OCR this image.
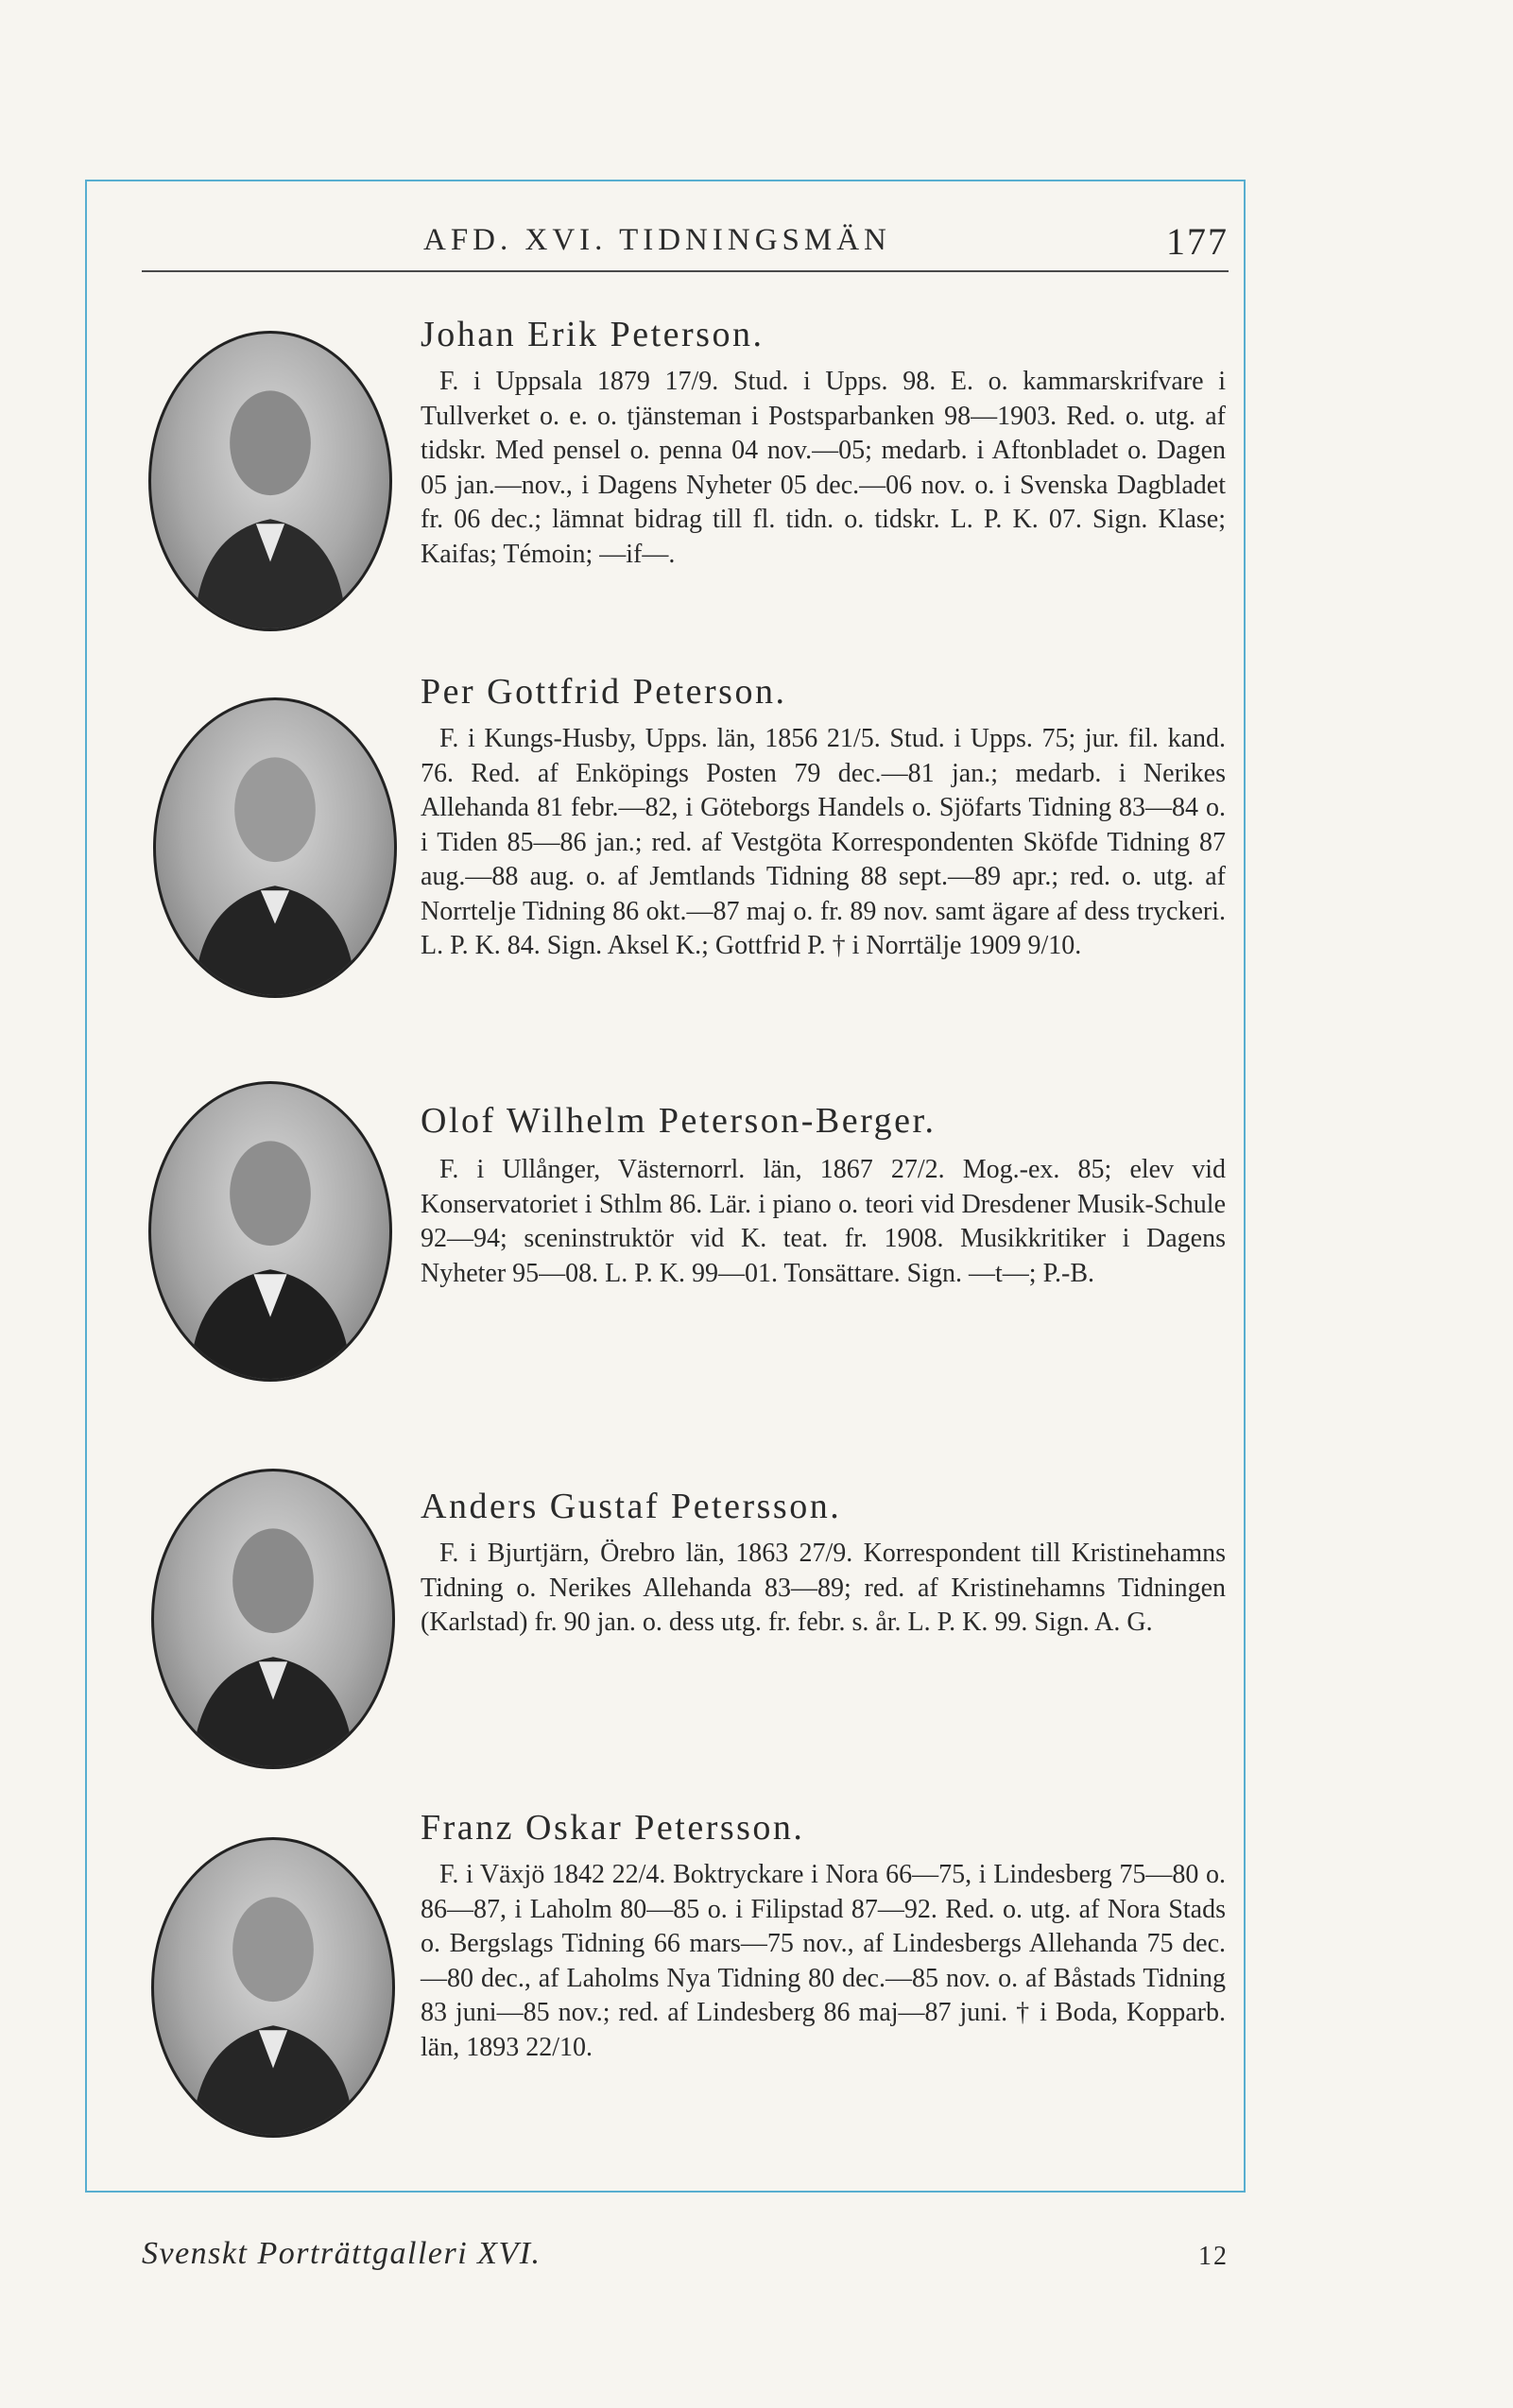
AFD. XVI. TIDNINGSMÄN	177
Johan Erik Peterson.
F. i Uppsala 1879 17/9. Stud. i Upps. 98. E. o. kammarskrifvare i Tullverket o. e. o. tjänsteman i Postsparbanken 98—1903. Red. o. utg. af tidskr. Med pensel o. penna 04 nov.—05; medarb. i Aftonbladet o. Dagen 05 jan.—nov., i Dagens Nyheter 05 dec.—06 nov. o. i Svenska Dagbladet fr. 06 dec.; lämnat bidrag till fl. tidn. o. tidskr. L. P. K. 07. Sign. Klase; Kaifas; Témoin; —if—.
Per Gottfrid Peterson.
F. i Kungs-Husby, Upps. län, 1856 21/5. Stud. i Upps. 75; jur. fil. kand. 76. Red. af Enköpings Posten 79 dec.—81 jan.; medarb. i Nerikes Allehanda 81 febr.—82, i Göteborgs Handels o. Sjöfarts Tidning 83—84 o. i Tiden 85—86 jan.; red. af Vestgöta Korrespondenten Sköfde Tidning 87 aug.—88 aug. o. af Jemtlands Tidning 88 sept.—89 apr.; red. o. utg. af Norrtelje Tidning 86 okt.—87 maj o. fr. 89 nov. samt ägare af dess tryckeri. L. P. K. 84. Sign. Aksel K.; Gottfrid P. † i Norrtälje 1909 9/10.
Olof Wilhelm Peterson-Berger.
F. i Ullånger, Västernorrl. län, 1867 27/2. Mog.-ex. 85; elev vid Konservatoriet i Sthlm 86. Lär. i piano o. teori vid Dresdener Musik-Schule 92—94; sceninstruktör vid K. teat. fr. 1908. Musikkritiker i Dagens Nyheter 95—08. L. P. K. 99—01. Tonsättare. Sign. —t—; P.-B.
Anders Gustaf Petersson.
F. i Bjurtjärn, Örebro län, 1863 27/9. Korrespondent till Kristinehamns Tidning o. Nerikes Allehanda 83—89; red. af Kristinehamns Tidningen (Karlstad) fr. 90 jan. o. dess utg. fr. febr. s. år. L. P. K. 99. Sign. A. G.
Franz Oskar Petersson.
F. i Växjö 1842 22/4. Boktryckare i Nora 66—75, i Lindesberg 75—80 o. 86—87, i Laholm 80—85 o. i Filipstad 87—92. Red. o. utg. af Nora Stads o. Bergslags Tidning 66 mars—75 nov., af Lindesbergs Allehanda 75 dec.—80 dec., af Laholms Nya Tidning 80 dec.—85 nov. o. af Båstads Tidning 83 juni—85 nov.; red. af Lindesberg 86 maj—87 juni. † i Boda, Kopparb. län, 1893 22/10.
Svenskt Porträttgalleri XVI.	12
